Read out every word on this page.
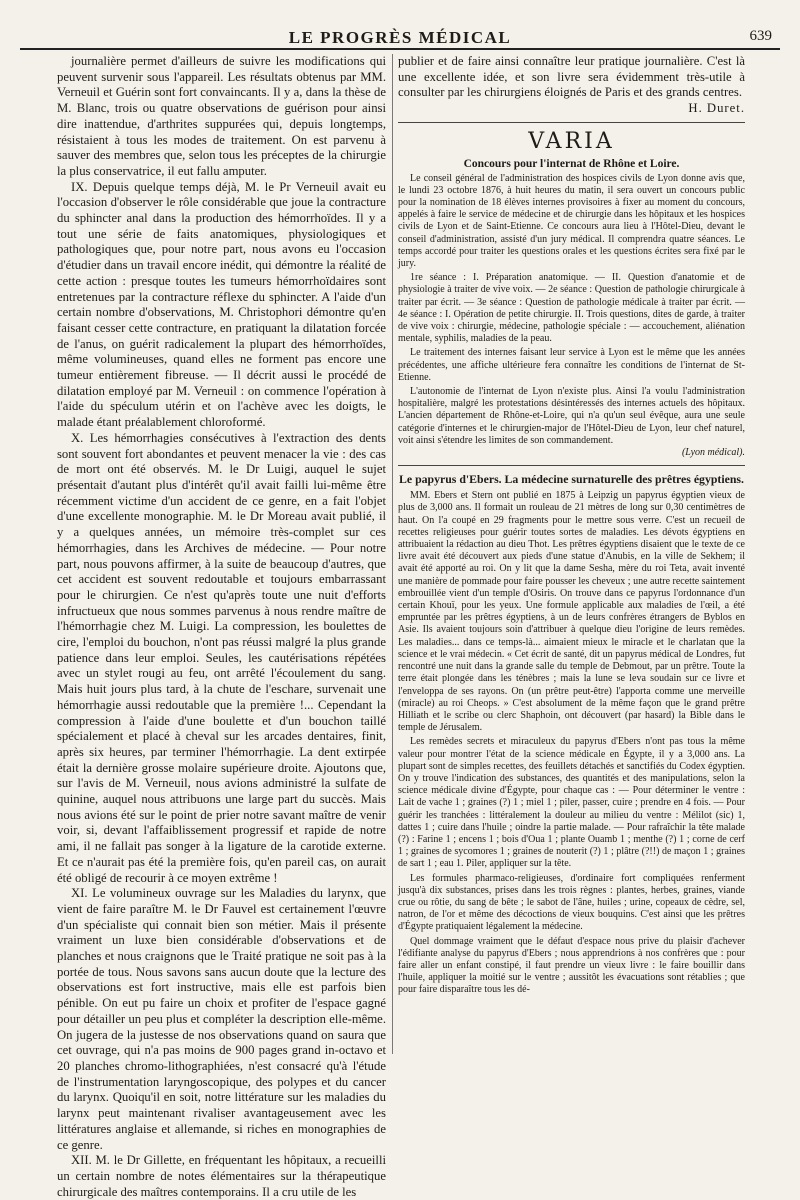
LE PROGRÈS MÉDICAL	639

journalière permet d'ailleurs de suivre les modifications qui peuvent survenir sous l'appareil. Les résultats obtenus par MM. Verneuil et Guérin sont fort convaincants. Il y a, dans la thèse de M. Blanc, trois ou quatre observations de guérison pour ainsi dire inattendue, d'arthrites suppurées qui, depuis longtemps, résistaient à tous les modes de traitement. On est parvenu à sauver des membres que, selon tous les préceptes de la chirurgie la plus conservatrice, il eut fallu amputer.

IX. Depuis quelque temps déjà, M. le Pr Verneuil avait eu l'occasion d'observer le rôle considérable que joue la contracture du sphincter anal dans la production des hémorrhoïdes. Il y a tout une série de faits anatomiques, physiologiques et pathologiques que, pour notre part, nous avons eu l'occasion d'étudier dans un travail encore inédit, qui démontre la réalité de cette action : presque toutes les tumeurs hémorrhoïdaires sont entretenues par la contracture réflexe du sphincter. A l'aide d'un certain nombre d'observations, M. Christophori démontre qu'en faisant cesser cette contracture, en pratiquant la dilatation forcée de l'anus, on guérit radicalement la plupart des hémorrhoïdes, même volumineuses, quand elles ne forment pas encore une tumeur entièrement fibreuse. — Il décrit aussi le procédé de dilatation employé par M. Verneuil : on commence l'opération à l'aide du spéculum utérin et on l'achève avec les doigts, le malade étant préalablement chloroformé.

X. Les hémorrhagies consécutives à l'extraction des dents sont souvent fort abondantes et peuvent menacer la vie : des cas de mort ont été observés. M. le Dr Luigi, auquel le sujet présentait d'autant plus d'intérêt qu'il avait failli lui-même être récemment victime d'un accident de ce genre, en a fait l'objet d'une excellente monographie. M. le Dr Moreau avait publié, il y a quelques années, un mémoire très-complet sur ces hémorrhagies, dans les Archives de médecine. — Pour notre part, nous pouvons affirmer, à la suite de beaucoup d'autres, que cet accident est souvent redoutable et toujours embarrassant pour le chirurgien. Ce n'est qu'après toute une nuit d'efforts infructueux que nous sommes parvenus à nous rendre maître de l'hémorrhagie chez M. Luigi. La compression, les boulettes de cire, l'emploi du bouchon, n'ont pas réussi malgré la plus grande patience dans leur emploi. Seules, les cautérisations répétées avec un stylet rougi au feu, ont arrêté l'écoulement du sang. Mais huit jours plus tard, à la chute de l'eschare, survenait une hémorrhagie aussi redoutable que la première !... Cependant la compression à l'aide d'une boulette et d'un bouchon taillé spécialement et placé à cheval sur les arcades dentaires, finit, après six heures, par terminer l'hémorrhagie. La dent extirpée était la dernière grosse molaire supérieure droite. Ajoutons que, sur l'avis de M. Verneuil, nous avions administré la sulfate de quinine, auquel nous attribuons une large part du succès. Mais nous avions été sur le point de prier notre savant maître de venir voir, si, devant l'affaiblissement progressif et rapide de notre ami, il ne fallait pas songer à la ligature de la carotide externe. Et ce n'aurait pas été la première fois, qu'en pareil cas, on aurait été obligé de recourir à ce moyen extrême !

XI. Le volumineux ouvrage sur les Maladies du larynx, que vient de faire paraître M. le Dr Fauvel est certainement l'œuvre d'un spécialiste qui connait bien son métier. Mais il présente vraiment un luxe bien considérable d'observations et de planches et nous craignons que le Traité pratique ne soit pas à la portée de tous. Nous savons sans aucun doute que la lecture des observations est fort instructive, mais elle est parfois bien pénible. On eut pu faire un choix et profiter de l'espace gagné pour détailler un peu plus et compléter la description elle-même. On jugera de la justesse de nos observations quand on saura que cet ouvrage, qui n'a pas moins de 900 pages grand in-octavo et 20 planches chromo-lithographiées, n'est consacré qu'à l'étude de l'instrumentation laryngoscopique, des polypes et du cancer du larynx. Quoiqu'il en soit, notre littérature sur les maladies du larynx peut maintenant rivaliser avantageusement avec les littératures anglaise et allemande, si riches en monographies de ce genre.

XII. M. le Dr Gillette, en fréquentant les hôpitaux, a recueilli un certain nombre de notes élémentaires sur la thérapeutique chirurgicale des maîtres contemporains. Il a cru utile de les

publier et de faire ainsi connaître leur pratique journalière. C'est là une excellente idée, et son livre sera évidemment très-utile à consulter par les chirurgiens éloignés de Paris et des grands centres.

H. Duret.
VARIA
Concours pour l'internat de Rhône et Loire.

Le conseil général de l'administration des hospices civils de Lyon donne avis que, le lundi 23 octobre 1876, à huit heures du matin, il sera ouvert un concours public pour la nomination de 18 élèves internes provisoires à fixer au moment du concours, appelés à faire le service de médecine et de chirurgie dans les hôpitaux et les hospices civils de Lyon et de Saint-Etienne. Ce concours aura lieu à l'Hôtel-Dieu, devant le conseil d'administration, assisté d'un jury médical. Il comprendra quatre séances. Le temps accordé pour traiter les questions orales et les questions écrites sera fixé par le jury.

1re séance : I. Préparation anatomique. — II. Question d'anatomie et de physiologie à traiter de vive voix. — 2e séance : Question de pathologie chirurgicale à traiter par écrit. — 3e séance : Question de pathologie médicale à traiter par écrit. — 4e séance : I. Opération de petite chirurgie. II. Trois questions, dites de garde, à traiter de vive voix : chirurgie, médecine, pathologie spéciale : — accouchement, aliénation mentale, syphilis, maladies de la peau.

Le traitement des internes faisant leur service à Lyon est le même que les années précédentes, une affiche ultérieure fera connaître les conditions de l'internat de St-Etienne.

L'autonomie de l'internat de Lyon n'existe plus. Ainsi l'a voulu l'administration hospitalière, malgré les protestations désintéressés des internes actuels des hôpitaux. L'ancien département de Rhône-et-Loire, qui n'a qu'un seul évêque, aura une seule catégorie d'internes et le chirurgien-major de l'Hôtel-Dieu de Lyon, leur chef naturel, voit ainsi s'étendre les limites de son commandement.

(Lyon médical).
Le papyrus d'Ebers. La médecine surnaturelle des prêtres égyptiens.

MM. Ebers et Stern ont publié en 1875 à Leipzig un papyrus égyptien vieux de plus de 3,000 ans. Il formait un rouleau de 21 mètres de long sur 0,30 centimètres de haut. On l'a coupé en 29 fragments pour le mettre sous verre. C'est un recueil de recettes religieuses pour guérir toutes sortes de maladies. Les dévots égyptiens en attribuaient la rédaction au dieu Thot. Les prêtres égyptiens disaient que le texte de ce livre avait été découvert aux pieds d'une statue d'Anubis, en la ville de Sekhem; il avait été apporté au roi. On y lit que la dame Sesha, mère du roi Teta, avait inventé une manière de pommade pour faire pousser les cheveux ; une autre recette saintement embrouillée vient d'un temple d'Osiris. On trouve dans ce papyrus l'ordonnance d'un certain Khouï, pour les yeux. Une formule applicable aux maladies de l'œil, a été empruntée par les prêtres égyptiens, à un de leurs confrères étrangers de Byblos en Asie. Ils avaient toujours soin d'attribuer à quelque dieu l'origine de leurs remèdes. Les maladies... dans ce temps-là... aimaient mieux le miracle et le charlatan que la science et le vrai médecin. « Cet écrit de santé, dit un papyrus médical de Londres, fut rencontré une nuit dans la grande salle du temple de Debmout, par un prêtre. Toute la terre était plongée dans les ténèbres ; mais la lune se leva soudain sur ce livre et l'enveloppa de ses rayons. On (un prêtre peut-être) l'apporta comme une merveille (miracle) au roi Cheops. » C'est absolument de la même façon que le grand prêtre Hilliath et le scribe ou clerc Shaphoin, ont découvert (par hasard) la Bible dans le temple de Jérusalem.

Les remèdes secrets et miraculeux du papyrus d'Ebers n'ont pas tous la même valeur pour montrer l'état de la science médicale en Égypte, il y a 3,000 ans. La plupart sont de simples recettes, des feuillets détachés et sanctifiés du Codex égyptien. On y trouve l'indication des substances, des quantités et des manipulations, selon la science médicale divine d'Égypte, pour chaque cas : — Pour déterminer le ventre : Lait de vache 1 ; graines (?) 1 ; miel 1 ; piler, passer, cuire ; prendre en 4 fois. — Pour guérir les tranchées : littéralement la douleur au milieu du ventre : Mélilot (sic) 1, dattes 1 ; cuire dans l'huile ; oindre la partie malade. — Pour rafraîchir la tête malade (?) : Farine 1 ; encens 1 ; bois d'Oua 1 ; plante Ouamb 1 ; menthe (?) 1 ; corne de cerf 1 ; graines de sycomores 1 ; graines de nouterit (?) 1 ; plâtre (?!!) de maçon 1 ; graines de sart 1 ; eau 1. Piler, appliquer sur la tête.

Les formules pharmaco-religieuses, d'ordinaire fort compliquées renferment jusqu'à dix substances, prises dans les trois règnes : plantes, herbes, graines, viande crue ou rôtie, du sang de bête ; le sabot de l'âne, huiles ; urine, copeaux de cèdre, sel, natron, de l'or et même des décoctions de vieux bouquins. C'est ainsi que les prêtres d'Égypte pratiquaient légalement la médecine.

Quel dommage vraiment que le défaut d'espace nous prive du plaisir d'achever l'édifiante analyse du papyrus d'Ebers ; nous apprendrions à nos confrères que : pour faire aller un enfant constipé, il faut prendre un vieux livre : le faire bouillir dans l'huile, appliquer la moitié sur le ventre ; aussitôt les évacuations sont rétablies ; que pour faire disparaître tous les dé-
